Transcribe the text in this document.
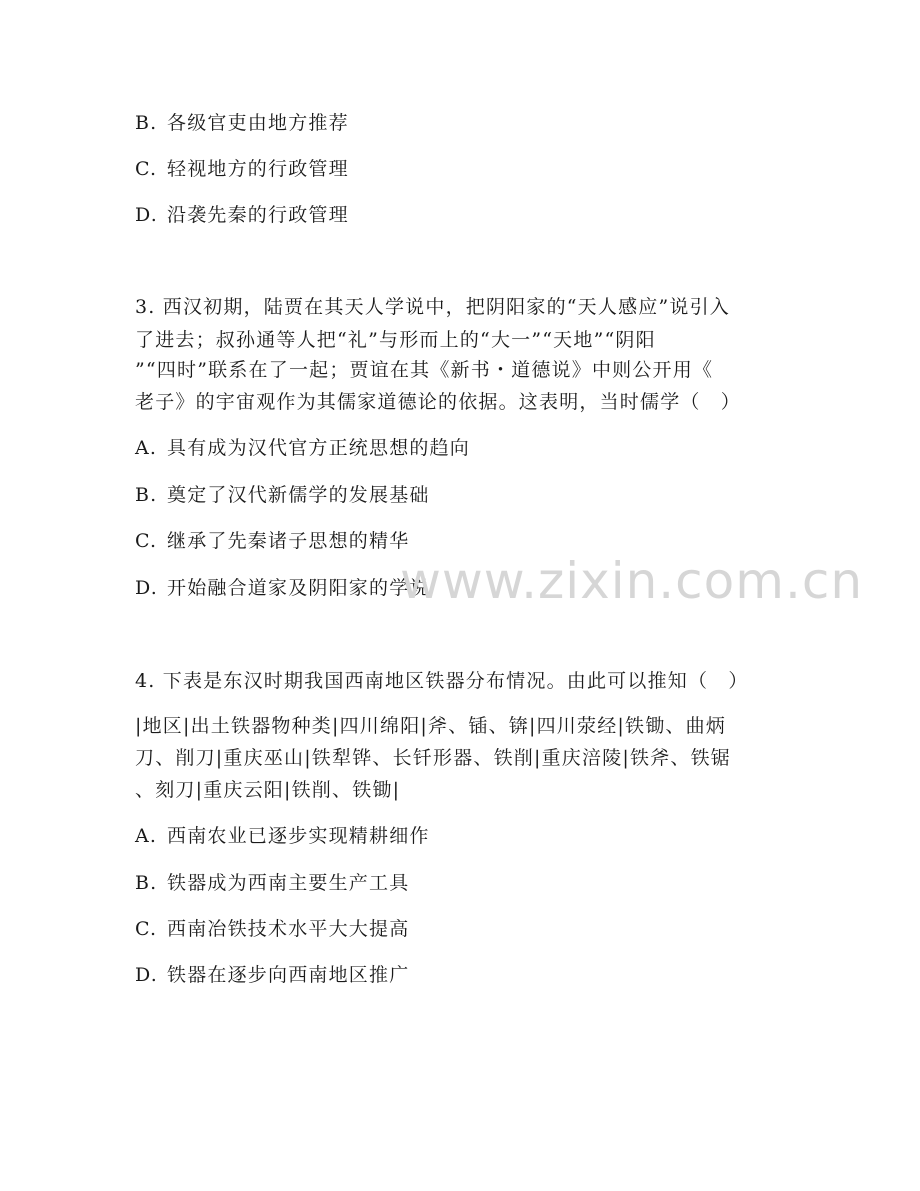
B. 各级官吏由地方推荐
C. 轻视地方的行政管理
D. 沿袭先秦的行政管理
3. 西汉初期，陆贾在其天人学说中，把阴阳家的“天人感应”说引入
了进去；叔孙通等人把“礼”与形而上的“大一”“天地”“阴阳
”“四时”联系在了一起；贾谊在其《新书・道德说》中则公开用《
老子》的宇宙观作为其儒家道德论的依据。这表明，当时儒学（　）
A. 具有成为汉代官方正统思想的趋向
B. 奠定了汉代新儒学的发展基础
C. 继承了先秦诸子思想的精华
D. 开始融合道家及阴阳家的学说
4. 下表是东汉时期我国西南地区铁器分布情况。由此可以推知（　）
|地区|出土铁器物种类|四川绵阳|斧、锸、锛|四川荥经|铁锄、曲炳
刀、削刀|重庆巫山|铁犁铧、长钎形器、铁削|重庆涪陵|铁斧、铁锯
、刻刀|重庆云阳|铁削、铁锄|
A. 西南农业已逐步实现精耕细作
B. 铁器成为西南主要生产工具
C. 西南冶铁技术水平大大提高
D. 铁器在逐步向西南地区推广
www.zixin.com.cn
